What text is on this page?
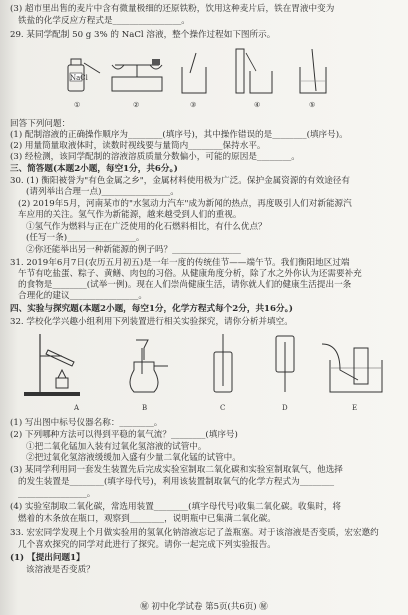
(3) 超市里出售的麦片中含有微量极细的还原铁粉，饮用这种麦片后，铁在胃液中变为
铁盐的化学反应方程式是________________。
29. 某同学配制 50 g 3% 的 NaCl 溶液，整个操作过程如下图所示。
NaCl
①	②	③	④	⑤
回答下列问题：
(1) 配制溶液的正确操作顺序为________(填序号)，其中操作错误的是________(填序号)。
(2) 用量筒量取液体时，读数时视线要与量筒内________保持水平。
(3) 经检测，该同学配制的溶液溶质质量分数偏小，可能的原因是________。
三、简答题(本题2小题，每空1分，共6分。)
30. (1) 衡阳被誉为"有色金属之乡"，金属材料使用极为广泛。保护金属资源的有效途径有
(请列举出合理一点)________________。
(2) 2019年5月，河南某市的"水氢动力汽车"成为新闻的热点，再度吸引人们对新能源汽
车应用的关注。氢气作为新能源，越来越受到人们的重视。
①氢气作为燃料与正在广泛使用的化石燃料相比，有什么优点？
(任写一条)________________。
②你还能举出另一种新能源的例子吗？________________
31. 2019年6月7日(农历五月初五)是一年一度的传统佳节——端午节。我们衡阳地区过端
午节有吃盐蛋、粽子、黄鳝、肉包的习俗。从健康角度分析，除了水之外你认为还需要补充
的食物是________(试举一例)。现在人们崇尚健康生活，请你就人们的健康生活提出一条
合理化的建议________________。
四、实验与探究题(本题2小题，每空1分，化学方程式每个2分，共16分。)
32. 学校化学兴趣小组利用下列装置进行相关实验探究，请你分析并填空。
A	B	C	D	E
(1) 写出图中标号仪器名称：________。
(2) 下列哪种方法可以得到平稳的氧气流？________(填序号)
①把二氧化锰加入装有过氧化氢溶液的试管中。
②把过氧化氢溶液缓缓加入盛有少量二氧化锰的试管中。
(3) 某同学利用同一套发生装置先后完成实验室制取二氧化碳和实验室制取氧气，他选择
的发生装置是________(填字母代号)，利用该装置制取氧气的化学方程式为________
________________。
(4) 实验室制取二氧化碳，常选用装置________(填字母代号)收集二氧化碳。收集时，将
燃着的木条放在瓶口，观察到________，说明瓶中已集满二氧化碳。
33. 宏宏同学发现上个月做实验用的氢氧化钠溶液忘记了盖瓶塞。对于该溶液是否变质，宏宏邀约
几个喜欢探究的同学对此进行了探究。请你一起完成下列实验报告。
(1) 【提出问题1】
该溶液是否变质？
㊙ 初中化学试卷 第5页(共6页) ㊙
